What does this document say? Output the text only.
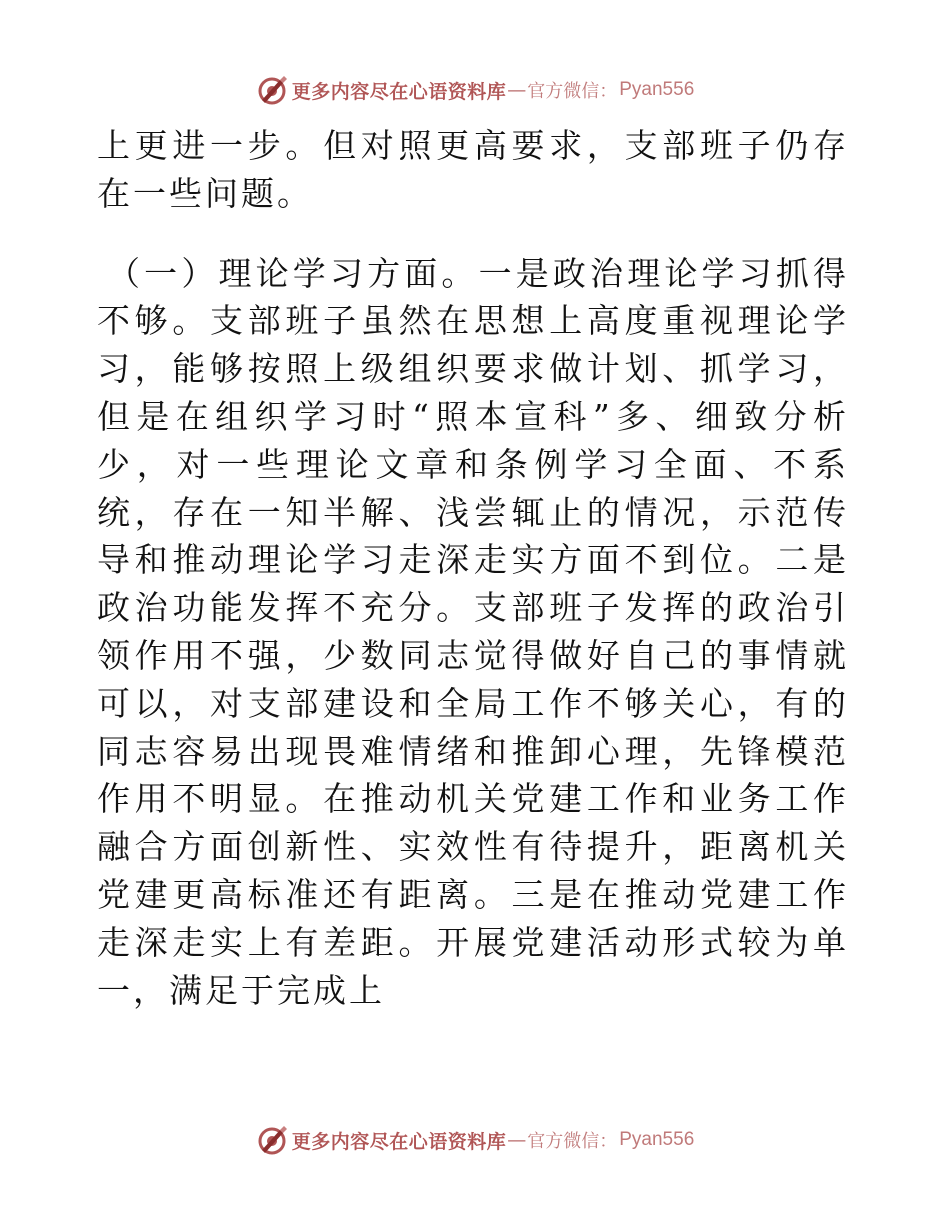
更多内容尽在心语资料库 — 官方微信： Pyan556

上更进一步。但对照更高要求，支部班子仍存在一些问题。

（一）理论学习方面。一是政治理论学习抓得不够。支部班子虽然在思想上高度重视理论学习，能够按照上级组织要求做计划、抓学习，但是在组织学习时“照本宣科”多、细致分析少，对一些理论文章和条例学习全面、不系统，存在一知半解、浅尝辄止的情况，示范传导和推动理论学习走深走实方面不到位。二是政治功能发挥不充分。支部班子发挥的政治引领作用不强，少数同志觉得做好自己的事情就可以，对支部建设和全局工作不够关心，有的同志容易出现畏难情绪和推卸心理，先锋模范作用不明显。在推动机关党建工作和业务工作融合方面创新性、实效性有待提升，距离机关党建更高标准还有距离。三是在推动党建工作走深走实上有差距。开展党建活动形式较为单一，满足于完成上

更多内容尽在心语资料库 — 官方微信： Pyan556
